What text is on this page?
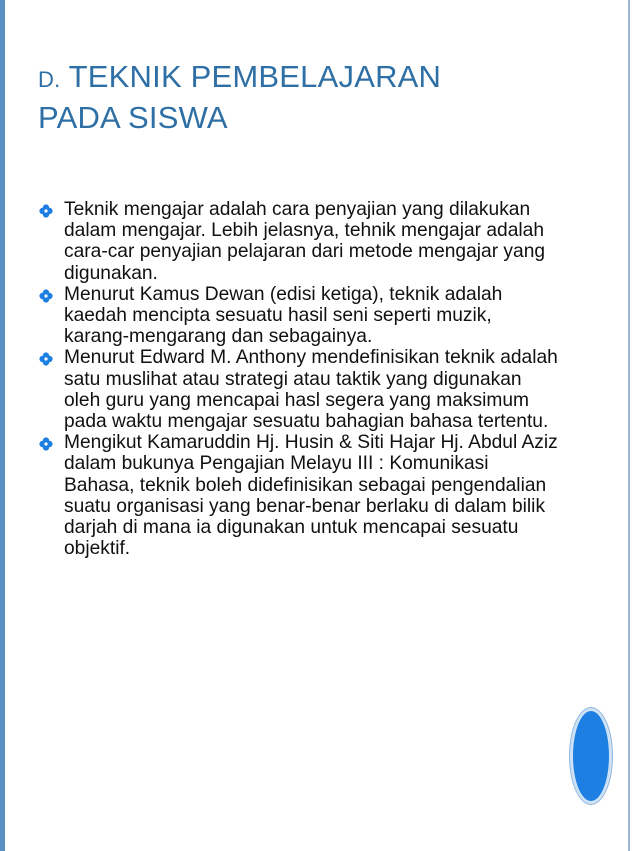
D. TEKNIK PEMBELAJARAN
PADA SISWA
Teknik mengajar adalah cara penyajian yang dilakukan dalam mengajar. Lebih jelasnya, tehnik mengajar adalah cara-car penyajian pelajaran dari metode mengajar yang digunakan.
Menurut Kamus Dewan (edisi ketiga), teknik adalah kaedah mencipta sesuatu hasil seni seperti muzik, karang-mengarang dan sebagainya.
Menurut Edward M. Anthony mendefinisikan teknik adalah satu muslihat atau strategi atau taktik yang digunakan oleh guru yang mencapai hasl segera yang maksimum pada waktu mengajar sesuatu bahagian bahasa tertentu.
Mengikut Kamaruddin Hj. Husin & Siti Hajar Hj. Abdul Aziz dalam bukunya Pengajian Melayu III : Komunikasi Bahasa, teknik boleh didefinisikan sebagai pengendalian suatu organisasi yang benar-benar berlaku di dalam bilik darjah di mana ia digunakan untuk mencapai sesuatu objektif.
